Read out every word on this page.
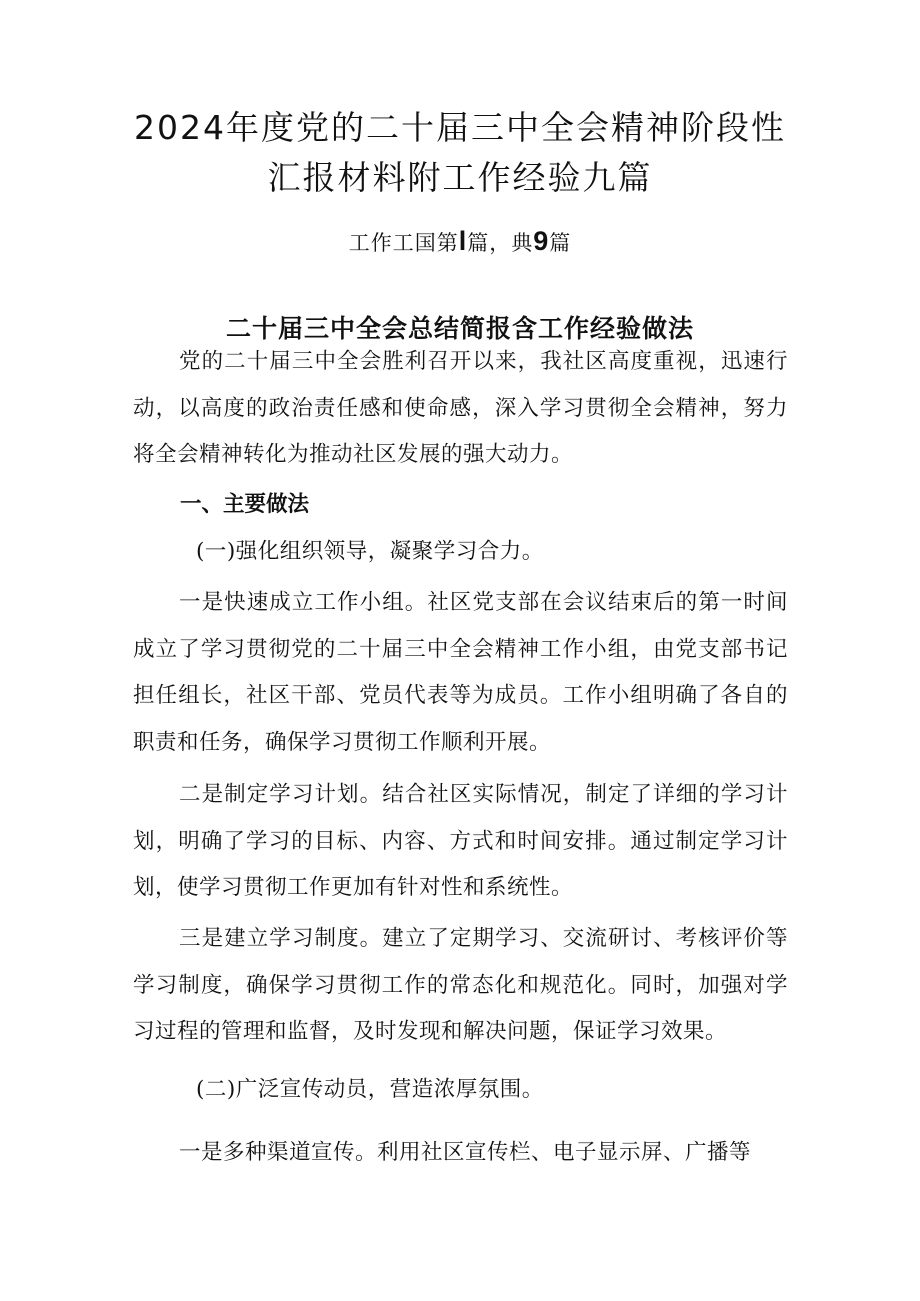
2024年度党的二十届三中全会精神阶段性
汇报材料附工作经验九篇
工作工国第l篇，典9篇
二十届三中全会总结简报含工作经验做法

党的二十届三中全会胜利召开以来，我社区高度重视，迅速行动，以高度的政治责任感和使命感，深入学习贯彻全会精神，努力将全会精神转化为推动社区发展的强大动力。

一、主要做法
(一)强化组织领导，凝聚学习合力。

一是快速成立工作小组。社区党支部在会议结束后的第一时间成立了学习贯彻党的二十届三中全会精神工作小组，由党支部书记担任组长，社区干部、党员代表等为成员。工作小组明确了各自的职责和任务，确保学习贯彻工作顺利开展。

二是制定学习计划。结合社区实际情况，制定了详细的学习计划，明确了学习的目标、内容、方式和时间安排。通过制定学习计划，使学习贯彻工作更加有针对性和系统性。

三是建立学习制度。建立了定期学习、交流研讨、考核评价等学习制度，确保学习贯彻工作的常态化和规范化。同时，加强对学习过程的管理和监督，及时发现和解决问题，保证学习效果。

(二)广泛宣传动员，营造浓厚氛围。

一是多种渠道宣传。利用社区宣传栏、电子显示屏、广播等
